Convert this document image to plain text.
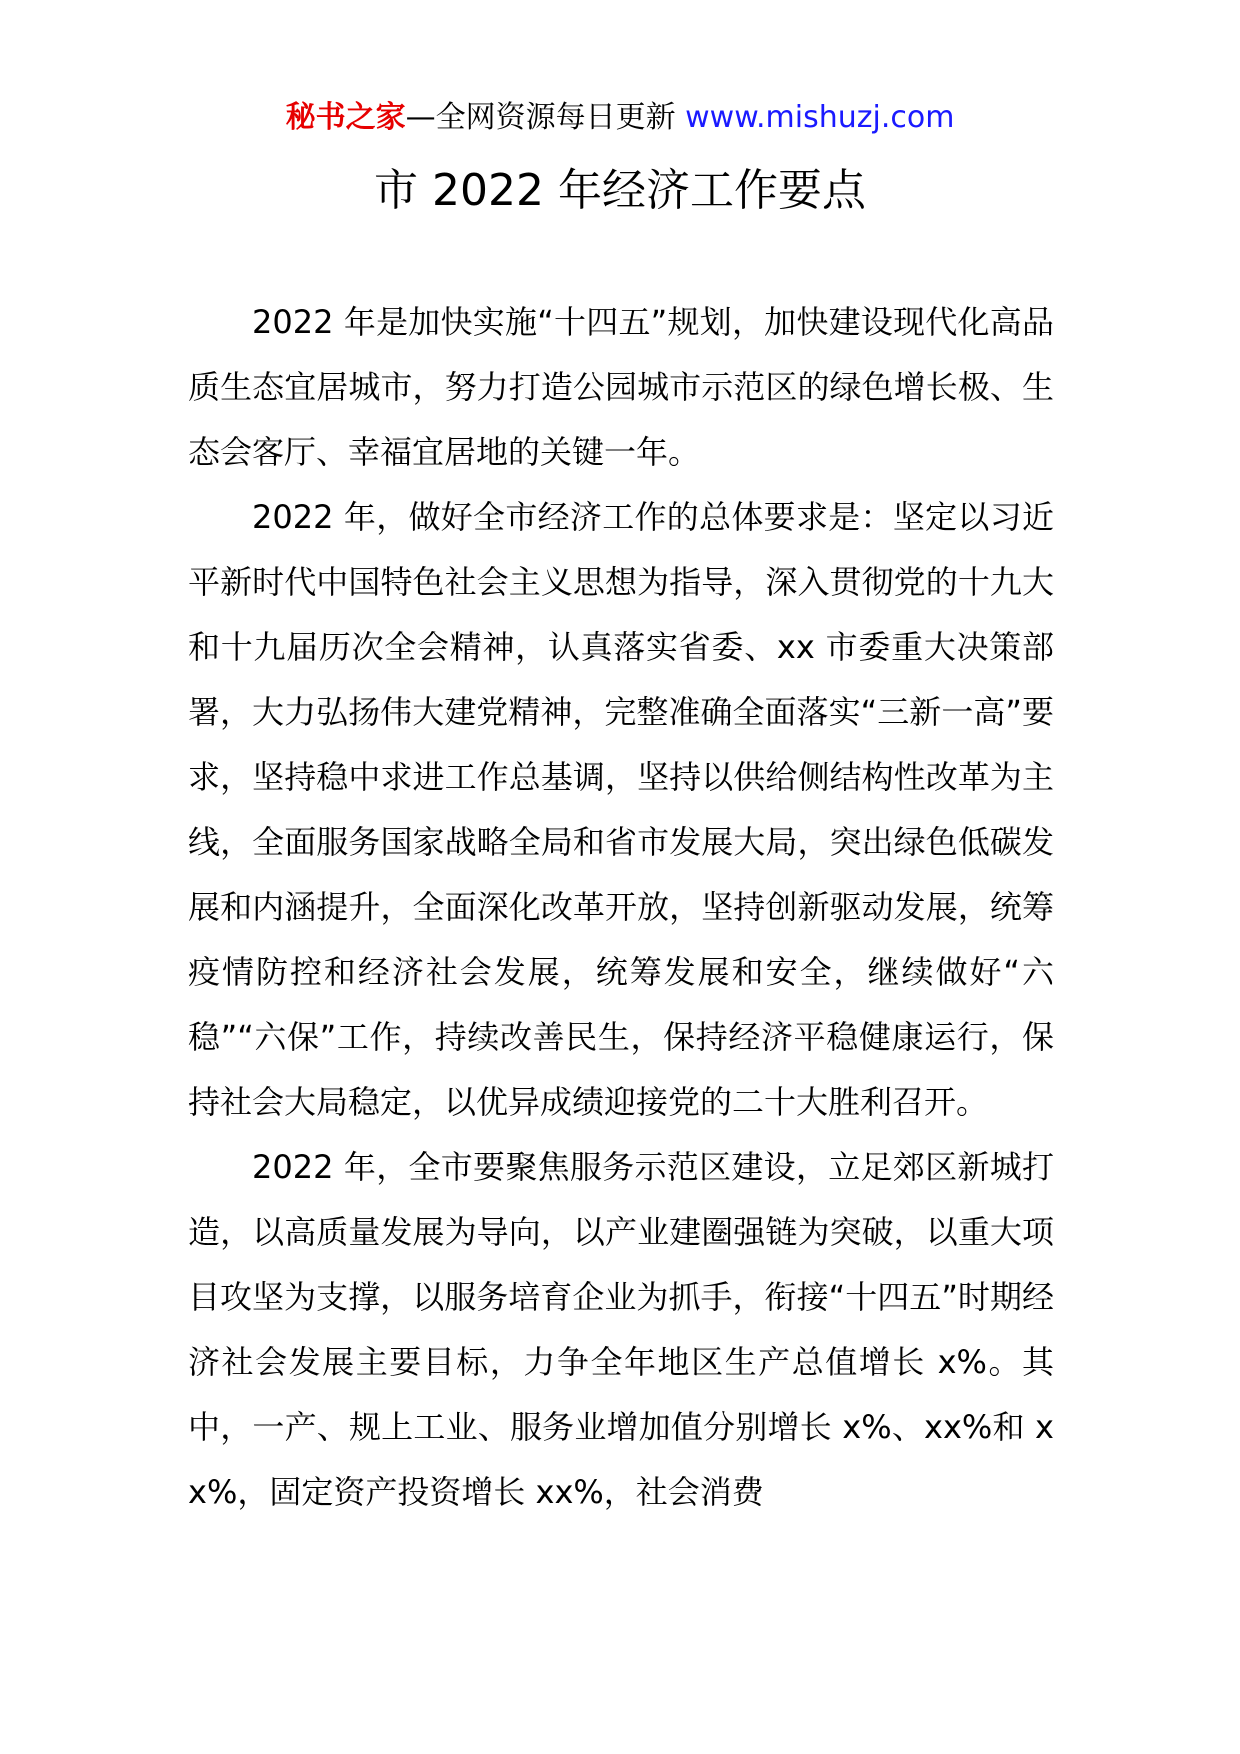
秘书之家—全网资源每日更新 www.mishuzj.com
市 2022 年经济工作要点

2022 年是加快实施“十四五”规划，加快建设现代化高品质生态宜居城市，努力打造公园城市示范区的绿色增长极、生态会客厅、幸福宜居地的关键一年。

2022 年，做好全市经济工作的总体要求是：坚定以习近平新时代中国特色社会主义思想为指导，深入贯彻党的十九大和十九届历次全会精神，认真落实省委、xx 市委重大决策部署，大力弘扬伟大建党精神，完整准确全面落实“三新一高”要求，坚持稳中求进工作总基调，坚持以供给侧结构性改革为主线，全面服务国家战略全局和省市发展大局，突出绿色低碳发展和内涵提升，全面深化改革开放，坚持创新驱动发展，统筹疫情防控和经济社会发展，统筹发展和安全，继续做好“六稳”“六保”工作，持续改善民生，保持经济平稳健康运行，保持社会大局稳定，以优异成绩迎接党的二十大胜利召开。

2022 年，全市要聚焦服务示范区建设，立足郊区新城打造，以高质量发展为导向，以产业建圈强链为突破，以重大项目攻坚为支撑，以服务培育企业为抓手，衔接“十四五”时期经济社会发展主要目标，力争全年地区生产总值增长 x%。其中，一产、规上工业、服务业增加值分别增长 x%、xx%和 xx%，固定资产投资增长 xx%，社会消费
